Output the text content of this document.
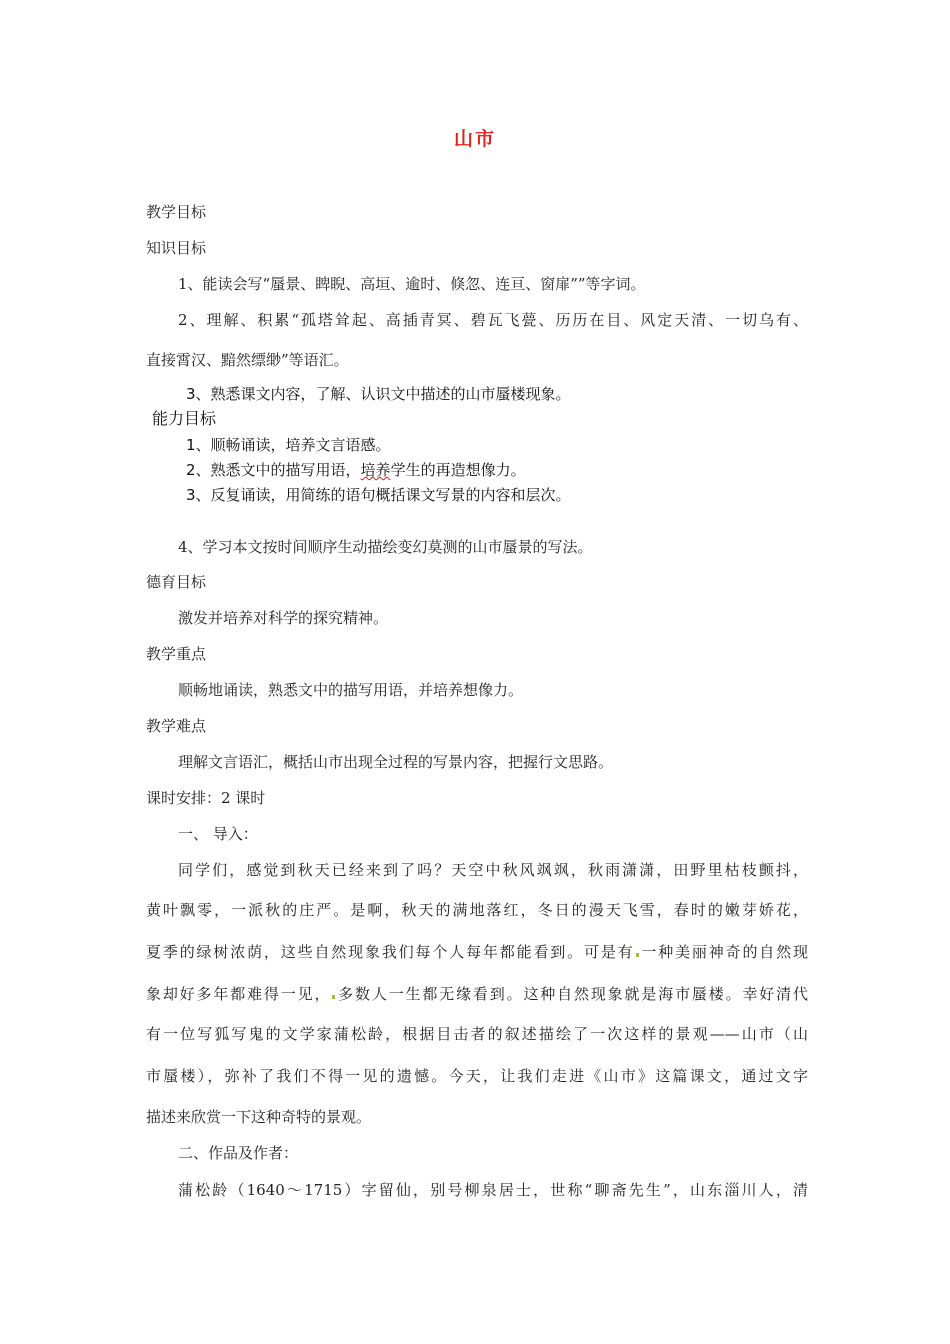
山市
教学目标
知识目标
1、能读会写“蜃景、睥睨、高垣、逾时、倏忽、连亘、窗扉””等字词。
2、理解、积累“孤塔耸起、高插青冥、碧瓦飞甍、历历在目、风定天清、一切乌有、
直接霄汉、黯然缥缈”等语汇。
3、熟悉课文内容，了解、认识文中描述的山市蜃楼现象。
能力目标
1、顺畅诵读，培养文言语感。
2、熟悉文中的描写用语，培养学生的再造想像力。
3、反复诵读，用简练的语句概括课文写景的内容和层次。
4、学习本文按时间顺序生动描绘变幻莫测的山市蜃景的写法。
德育目标
激发并培养对科学的探究精神。
教学重点
顺畅地诵读，熟悉文中的描写用语，并培养想像力。
教学难点
理解文言语汇，概括山市出现全过程的写景内容，把握行文思路。
课时安排：2 课时
一、 导入：
同学们，感觉到秋天已经来到了吗？天空中秋风飒飒，秋雨潇潇，田野里枯枝颤抖，
黄叶飘零，一派秋的庄严。是啊，秋天的满地落红，冬日的漫天飞雪，春时的嫩芽娇花，
夏季的绿树浓荫，这些自然现象我们每个人每年都能看到。可是有 一种美丽神奇的自然现
象却好多年都难得一见， 多数人一生都无缘看到。这种自然现象就是海市蜃楼。幸好清代
有一位写狐写鬼的文学家蒲松龄，根据目击者的叙述描绘了一次这样的景观——山市（山
市蜃楼），弥补了我们不得一见的遗憾。今天，让我们走进《山市》这篇课文，通过文字
描述来欣赏一下这种奇特的景观。
二、作品及作者：
蒲松龄（1640～1715）字留仙，别号柳泉居士，世称“聊斋先生”，山东淄川人，清
